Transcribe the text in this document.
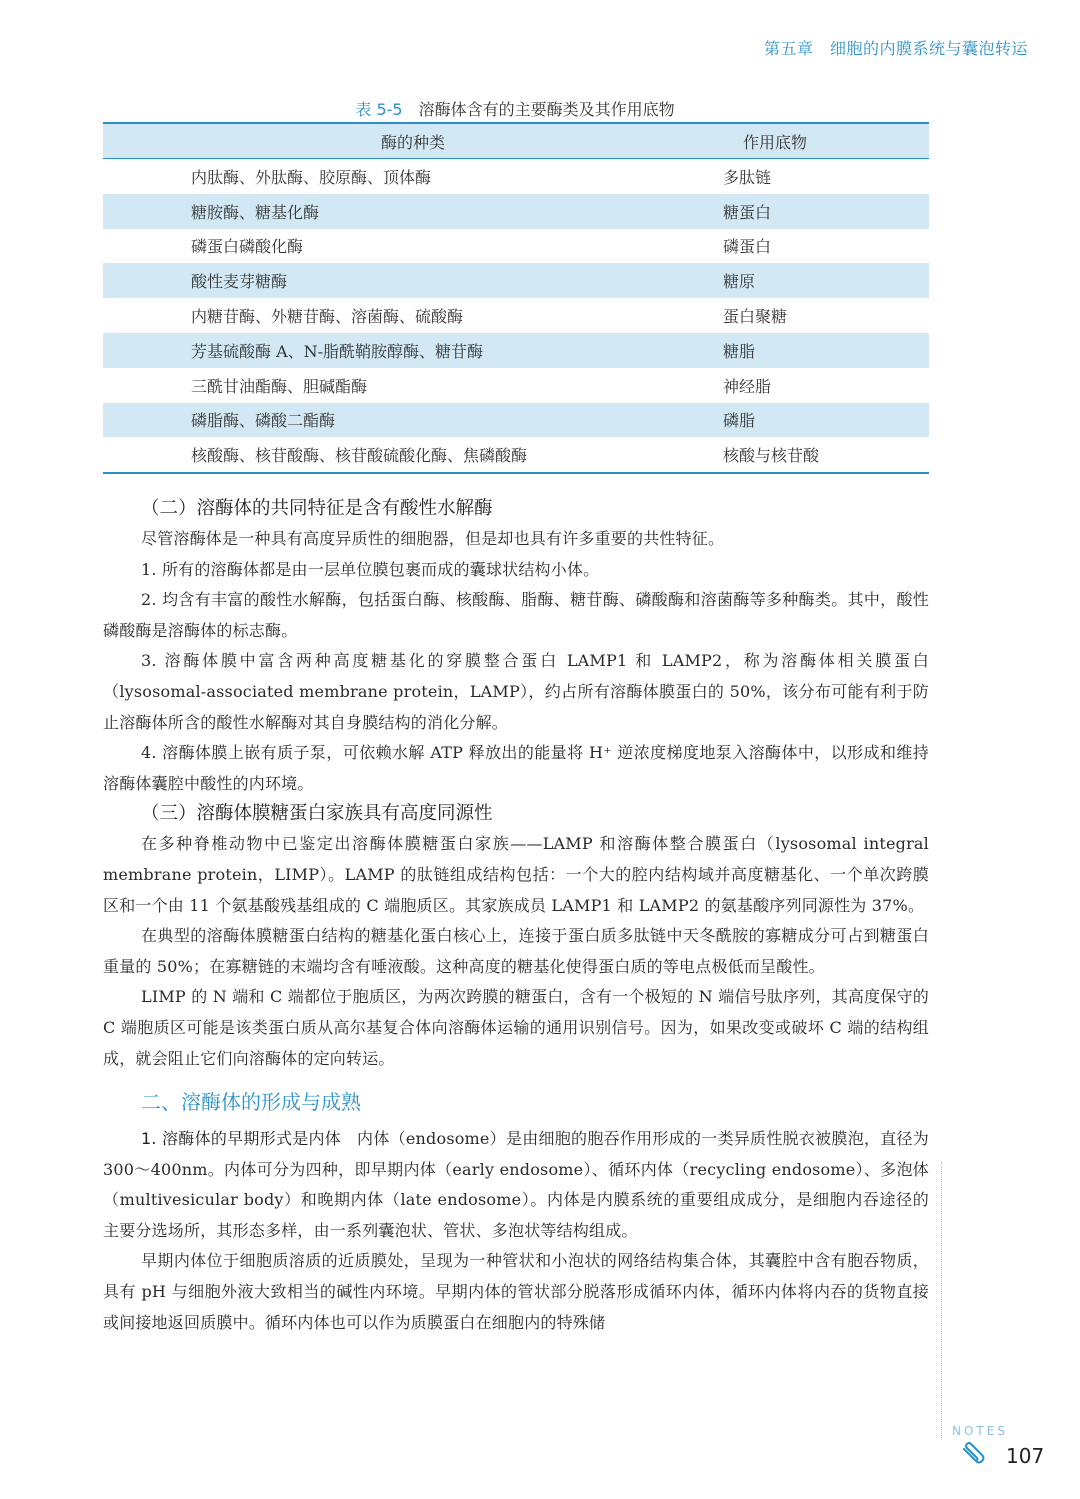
第五章　细胞的内膜系统与囊泡转运
表 5-5 溶酶体含有的主要酶类及其作用底物
酶的种类	作用底物
内肽酶、外肽酶、胶原酶、顶体酶	多肽链
糖胺酶、糖基化酶	糖蛋白
磷蛋白磷酸化酶	磷蛋白
酸性麦芽糖酶	糖原
内糖苷酶、外糖苷酶、溶菌酶、硫酸酶	蛋白聚糖
芳基硫酸酶 A、N-脂酰鞘胺醇酶、糖苷酶	糖脂
三酰甘油酯酶、胆碱酯酶	神经脂
磷脂酶、磷酸二酯酶	磷脂
核酸酶、核苷酸酶、核苷酸硫酸化酶、焦磷酸酶	核酸与核苷酸
（二）溶酶体的共同特征是含有酸性水解酶

尽管溶酶体是一种具有高度异质性的细胞器，但是却也具有许多重要的共性特征。

1. 所有的溶酶体都是由一层单位膜包裹而成的囊球状结构小体。

2. 均含有丰富的酸性水解酶，包括蛋白酶、核酸酶、脂酶、糖苷酶、磷酸酶和溶菌酶等多种酶类。其中，酸性磷酸酶是溶酶体的标志酶。

3. 溶酶体膜中富含两种高度糖基化的穿膜整合蛋白 LAMP1 和 LAMP2，称为溶酶体相关膜蛋白（lysosomal-associated membrane protein，LAMP），约占所有溶酶体膜蛋白的 50%，该分布可能有利于防止溶酶体所含的酸性水解酶对其自身膜结构的消化分解。

4. 溶酶体膜上嵌有质子泵，可依赖水解 ATP 释放出的能量将 H⁺ 逆浓度梯度地泵入溶酶体中，以形成和维持溶酶体囊腔中酸性的内环境。

（三）溶酶体膜糖蛋白家族具有高度同源性

在多种脊椎动物中已鉴定出溶酶体膜糖蛋白家族——LAMP 和溶酶体整合膜蛋白（lysosomal integral membrane protein，LIMP）。LAMP 的肽链组成结构包括：一个大的腔内结构域并高度糖基化、一个单次跨膜区和一个由 11 个氨基酸残基组成的 C 端胞质区。其家族成员 LAMP1 和 LAMP2 的氨基酸序列同源性为 37%。

在典型的溶酶体膜糖蛋白结构的糖基化蛋白核心上，连接于蛋白质多肽链中天冬酰胺的寡糖成分可占到糖蛋白重量的 50%；在寡糖链的末端均含有唾液酸。这种高度的糖基化使得蛋白质的等电点极低而呈酸性。

LIMP 的 N 端和 C 端都位于胞质区，为两次跨膜的糖蛋白，含有一个极短的 N 端信号肽序列，其高度保守的 C 端胞质区可能是该类蛋白质从高尔基复合体向溶酶体运输的通用识别信号。因为，如果改变或破坏 C 端的结构组成，就会阻止它们向溶酶体的定向转运。

二、溶酶体的形成与成熟

1. 溶酶体的早期形式是内体 内体（endosome）是由细胞的胞吞作用形成的一类异质性脱衣被膜泡，直径为 300～400nm。内体可分为四种，即早期内体（early endosome）、循环内体（recycling endosome）、多泡体（multivesicular body）和晚期内体（late endosome）。内体是内膜系统的重要组成成分，是细胞内吞途径的主要分选场所，其形态多样，由一系列囊泡状、管状、多泡状等结构组成。

早期内体位于细胞质溶质的近质膜处，呈现为一种管状和小泡状的网络结构集合体，其囊腔中含有胞吞物质，具有 pH 与细胞外液大致相当的碱性内环境。早期内体的管状部分脱落形成循环内体，循环内体将内吞的货物直接或间接地返回质膜中。循环内体也可以作为质膜蛋白在细胞内的特殊储

NOTES
107
